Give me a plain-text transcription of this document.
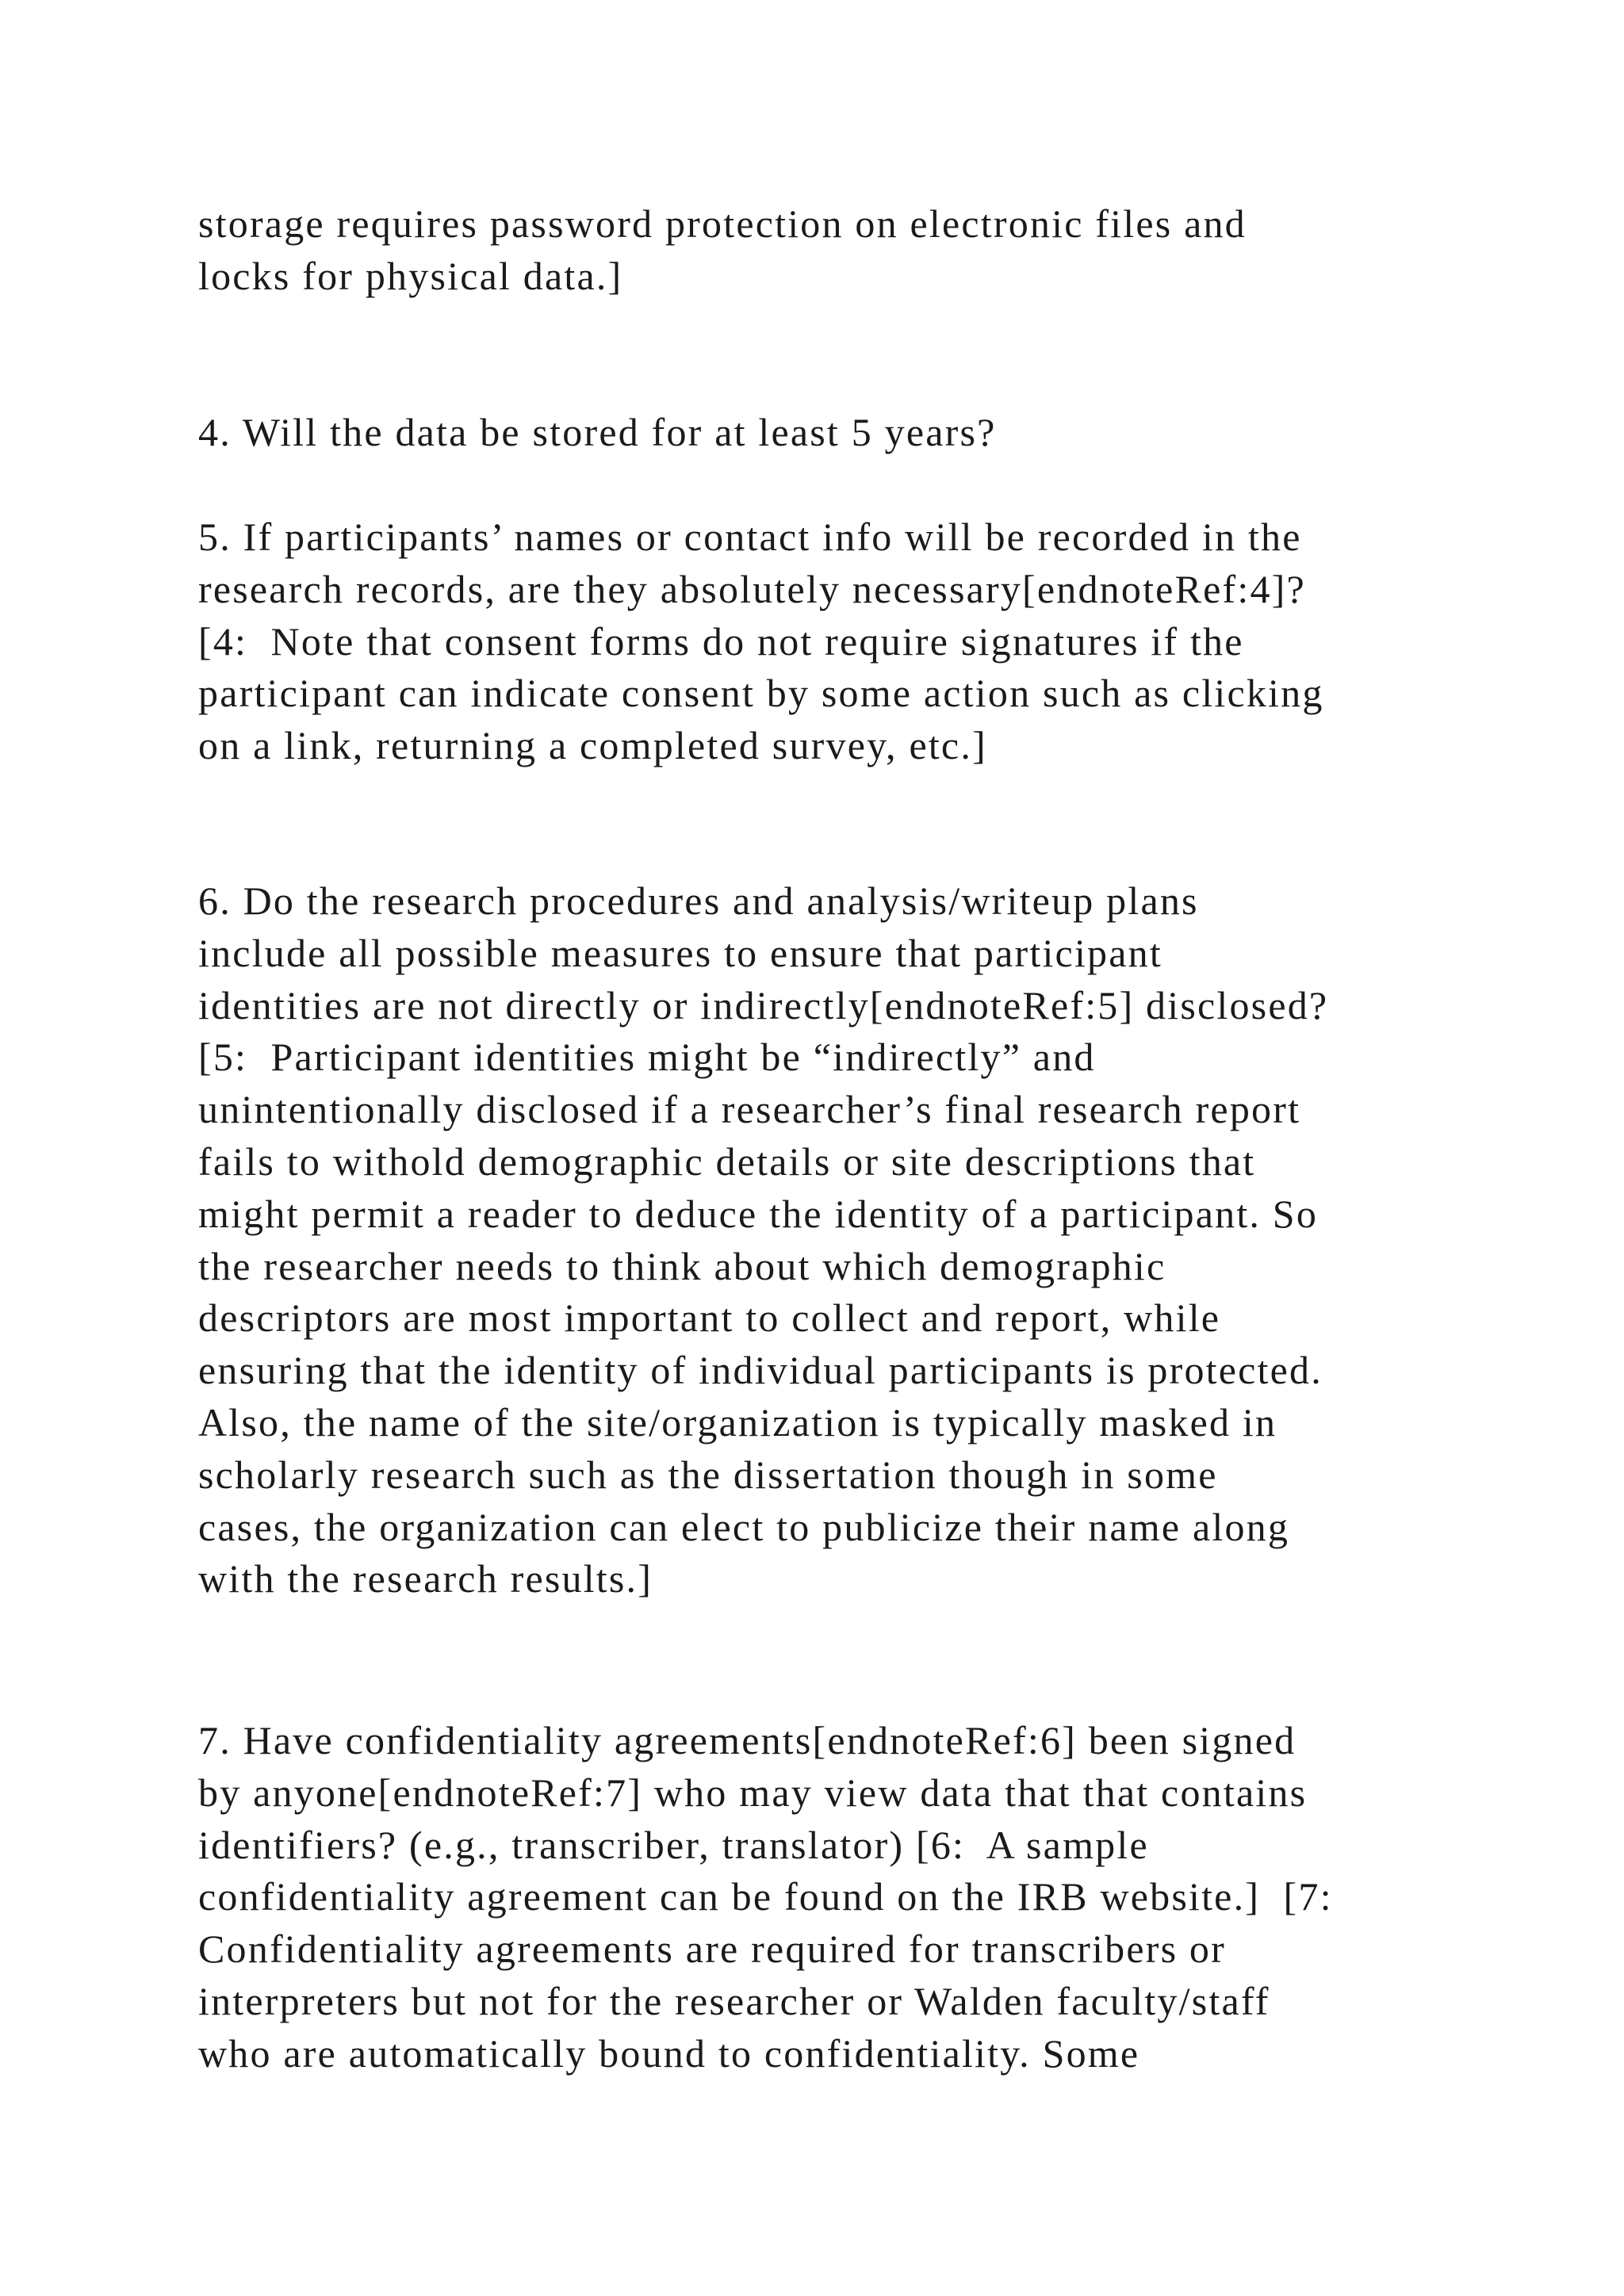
storage requires password protection on electronic files and
locks for physical data.]

4. Will the data be stored for at least 5 years?

5. If participants’ names or contact info will be recorded in the
research records, are they absolutely necessary[endnoteRef:4]?
[4:  Note that consent forms do not require signatures if the
participant can indicate consent by some action such as clicking
on a link, returning a completed survey, etc.]

6. Do the research procedures and analysis/writeup plans
include all possible measures to ensure that participant
identities are not directly or indirectly[endnoteRef:5] disclosed?
[5:  Participant identities might be “indirectly” and
unintentionally disclosed if a researcher’s final research report
fails to withold demographic details or site descriptions that
might permit a reader to deduce the identity of a participant. So
the researcher needs to think about which demographic
descriptors are most important to collect and report, while
ensuring that the identity of individual participants is protected.
Also, the name of the site/organization is typically masked in
scholarly research such as the dissertation though in some
cases, the organization can elect to publicize their name along
with the research results.]

7. Have confidentiality agreements[endnoteRef:6] been signed
by anyone[endnoteRef:7] who may view data that that contains
identifiers? (e.g., transcriber, translator) [6:  A sample
confidentiality agreement can be found on the IRB website.]  [7:
Confidentiality agreements are required for transcribers or
interpreters but not for the researcher or Walden faculty/staff
who are automatically bound to confidentiality. Some
